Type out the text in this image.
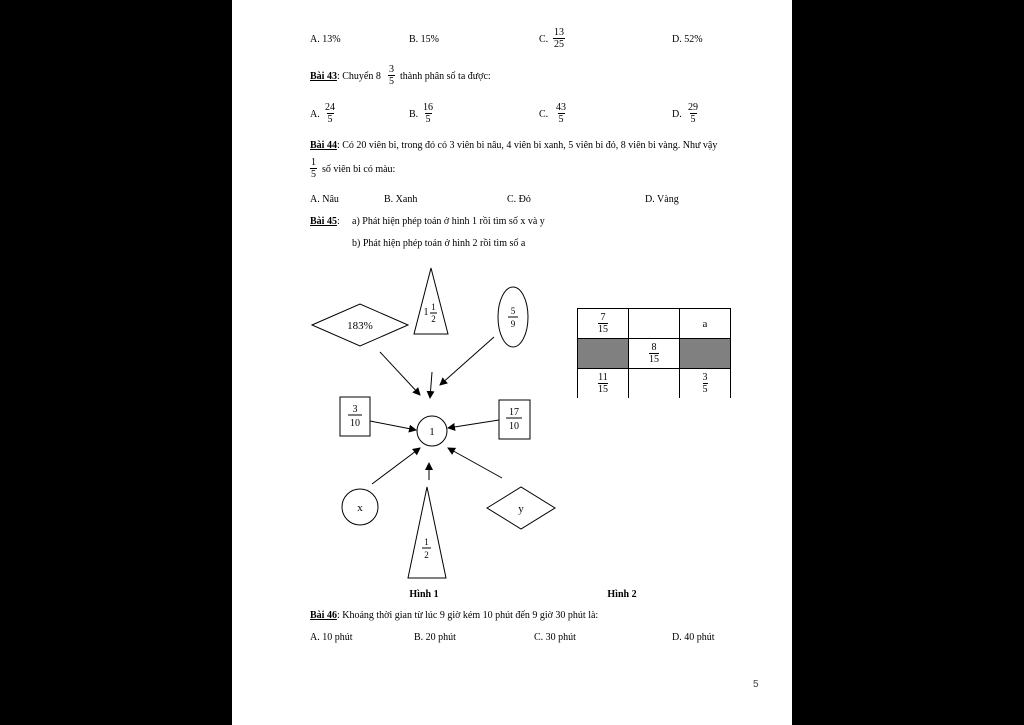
A. 13%	B. 15%	C. $\frac{13}{25}$	D. 52%
Bài 43: Chuyển $8 \frac{3}{5}$ thành phân số ta được:
A. $\frac{24}{5}$	B. $\frac{16}{5}$	C. $\frac{43}{5}$	D. $\frac{29}{5}$
Bài 44: Có 20 viên bi, trong đó có 3 viên bi nâu, 4 viên bi xanh, 5 viên bi đỏ, 8 viên bi vàng. Như vậy
$\frac{1}{5}$ số viên bi có màu:
A. Nâu	B. Xanh	C. Đỏ	D. Vàng
Bài 45: a) Phát hiện phép toán ở hình 1 rồi tìm số x và y
b) Phát hiện phép toán ở hình 2 rồi tìm số a
183%
1 1
2
5
9
3
10
17
10
1
x	y
1
2
Hình 1	Hình 2
$\frac{7}{15}$		a

	$\frac{8}{15}$

$\frac{11}{15}$		$\frac{3}{5}$
Bài 46: Khoảng thời gian từ lúc 9 giờ kém 10 phút đến 9 giờ 30 phút là:
A. 10 phút	B. 20 phút	C. 30 phút	D. 40 phút
5
